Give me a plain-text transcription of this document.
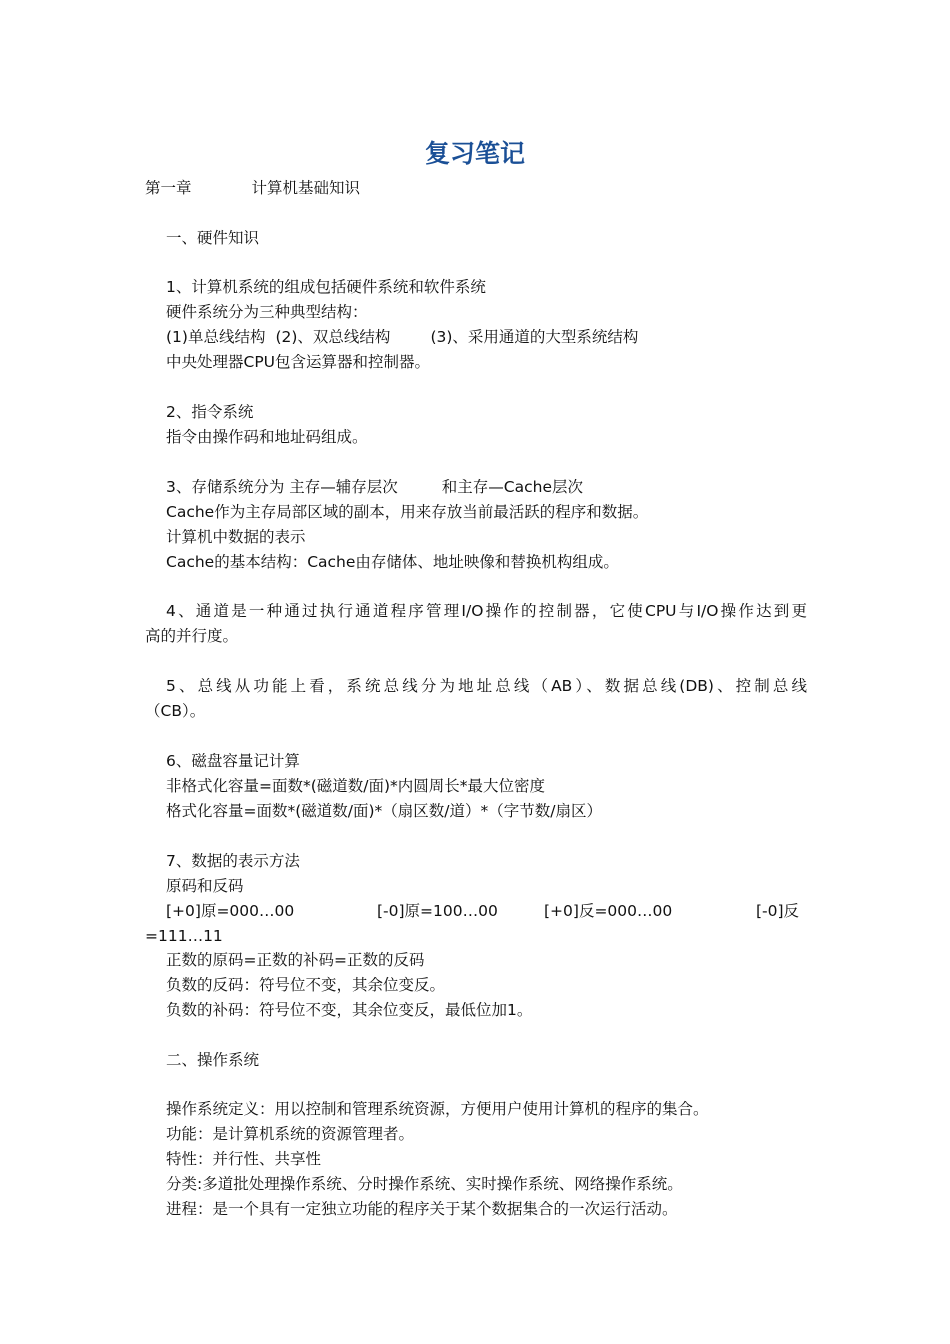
复习笔记
第一章	计算机基础知识
一、硬件知识
1、计算机系统的组成包括硬件系统和软件系统
硬件系统分为三种典型结构：
(1)单总线结构 (2)、双总线结构	(3)、采用通道的大型系统结构
中央处理器CPU包含运算器和控制器。
2、指令系统
指令由操作码和地址码组成。
3、存储系统分为 主存—辅存层次	和主存—Cache层次
Cache作为主存局部区域的副本，用来存放当前最活跃的程序和数据。
计算机中数据的表示
Cache的基本结构：Cache由存储体、地址映像和替换机构组成。
4、通道是一种通过执行通道程序管理I/O操作的控制器，它使CPU与I/O操作达到更
高的并行度。
5、总线从功能上看，系统总线分为地址总线（AB）、数据总线(DB)、控制总线
（CB）。
6、磁盘容量记计算
非格式化容量=面数*(磁道数/面)*内圆周长*最大位密度
格式化容量=面数*(磁道数/面)*（扇区数/道）*（字节数/扇区）
7、数据的表示方法
原码和反码
[+0]原=000…00	[-0]原=100…00	[+0]反=000…00	[-0]反
=111…11
正数的原码=正数的补码=正数的反码
负数的反码：符号位不变，其余位变反。
负数的补码：符号位不变，其余位变反，最低位加1。
二、操作系统
操作系统定义：用以控制和管理系统资源，方便用户使用计算机的程序的集合。
功能：是计算机系统的资源管理者。
特性：并行性、共享性
分类:多道批处理操作系统、分时操作系统、实时操作系统、网络操作系统。
进程：是一个具有一定独立功能的程序关于某个数据集合的一次运行活动。
